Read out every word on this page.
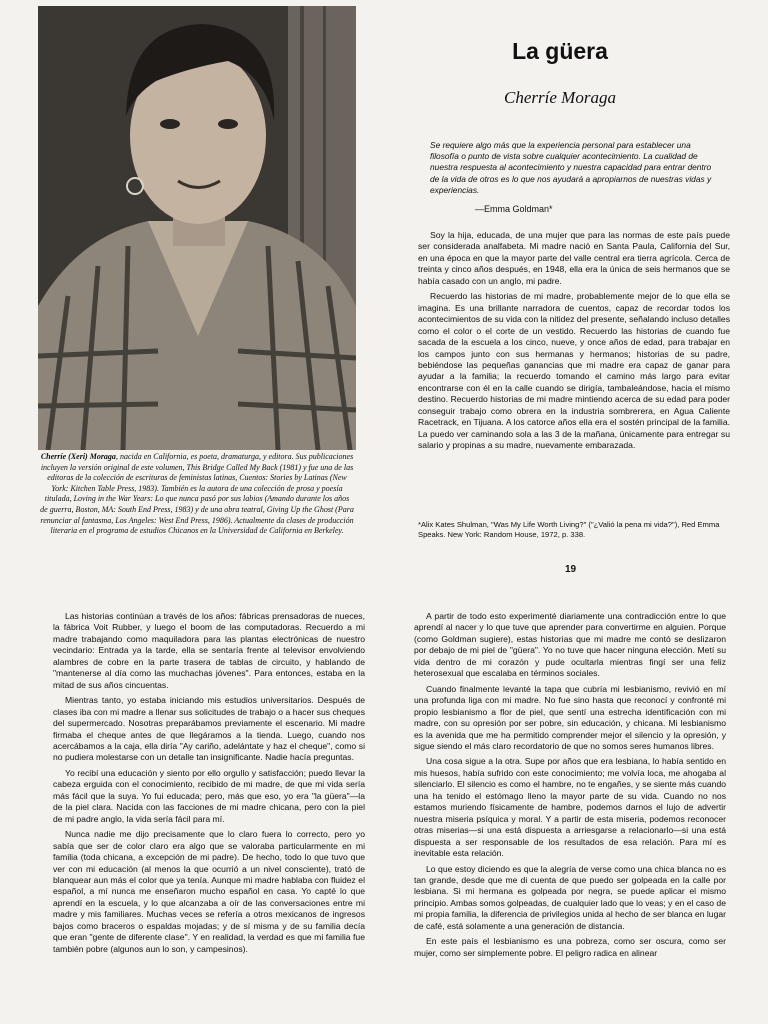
Cherríe (Xeri) Moraga, nacida en California, es poeta, dramaturga, y editora. Sus publicaciones incluyen la versión original de este volumen, This Bridge Called My Back (1981) y fue una de las editoras de la colección de escrituras de feministas latinas, Cuentos: Stories by Latinas (New York: Kitchen Table Press, 1983). También es la autora de una colección de prosa y poesía titulada, Loving in the War Years: Lo que nunca pasó por sus labios (Amando durante los años de guerra, Boston, MA: South End Press, 1983) y de una obra teatral, Giving Up the Ghost (Para renunciar al fantasma, Los Angeles: West End Press, 1986). Actualmente da clases de producción literaria en el programa de estudios Chicanos en la Universidad de California en Berkeley.
La güera
Cherríe Moraga
Se requiere algo más que la experiencia personal para establecer una filosofía o punto de vista sobre cualquier acontecimiento. La cualidad de nuestra respuesta al acontecimiento y nuestra capacidad para entrar dentro de la vida de otros es lo que nos ayudará a apropiarnos de nuestras vidas y experiencias.
—Emma Goldman*

Soy la hija, educada, de una mujer que para las normas de este país puede ser considerada analfabeta. Mi madre nació en Santa Paula, California del Sur, en una época en que la mayor parte del valle central era tierra agrícola. Cerca de treinta y cinco años después, en 1948, ella era la única de seis hermanos que se había casado con un anglo, mi padre.

Recuerdo las historias de mi madre, probablemente mejor de lo que ella se imagina. Es una brillante narradora de cuentos, capaz de recordar todos los acontecimientos de su vida con la nitidez del presente, señalando incluso detalles como el color o el corte de un vestido. Recuerdo las historias de cuando fue sacada de la escuela a los cinco, nueve, y once años de edad, para trabajar en los campos junto con sus hermanas y hermanos; historias de su padre, bebiéndose las pequeñas ganancias que mi madre era capaz de ganar para ayudar a la familia; la recuerdo tomando el camino más largo para evitar encontrarse con él en la calle cuando se dirigía, tambaleándose, hacia el mismo destino. Recuerdo historias de mi madre mintiendo acerca de su edad para poder conseguir trabajo como obrera en la industria sombrerera, en Agua Caliente Racetrack, en Tijuana. A los catorce años ella era el sostén principal de la familia. La puedo ver caminando sola a las 3 de la mañana, únicamente para entregar su salario y propinas a su madre, nuevamente embarazada.

*Alix Kates Shulman, "Was My Life Worth Living?" ("¿Valió la pena mi vida?"), Red Emma Speaks. New York: Random House, 1972, p. 338.
19

Las historias continúan a través de los años: fábricas prensadoras de nueces, la fábrica Voit Rubber, y luego el boom de las computadoras. Recuerdo a mi madre trabajando como maquiladora para las plantas electrónicas de nuestro vecindario: Entrada ya la tarde, ella se sentaría frente al televisor envolviendo alambres de cobre en la parte trasera de tablas de circuito, y hablando de "mantenerse al día como las muchachas jóvenes". Para entonces, estaba en la mitad de sus años cincuentas.

Mientras tanto, yo estaba iniciando mis estudios universitarios. Después de clases iba con mi madre a llenar sus solicitudes de trabajo o a hacer sus cheques del supermercado. Nosotras preparábamos previamente el escenario. Mi madre firmaba el cheque antes de que llegáramos a la tienda. Luego, cuando nos acercábamos a la caja, ella diría "Ay cariño, adelántate y haz el cheque", como si no pudiera molestarse con un detalle tan insignificante. Nadie hacía preguntas.

Yo recibí una educación y siento por ello orgullo y satisfacción; puedo llevar la cabeza erguida con el conocimiento, recibido de mi madre, de que mi vida sería más fácil que la suya. Yo fui educada; pero, más que eso, yo era "la güera"—la de la piel clara. Nacida con las facciones de mi madre chicana, pero con la piel de mi padre anglo, la vida sería fácil para mí.

Nunca nadie me dijo precisamente que lo claro fuera lo correcto, pero yo sabía que ser de color claro era algo que se valoraba particularmente en mi familia (toda chicana, a excepción de mi padre). De hecho, todo lo que tuvo que ver con mi educación (al menos la que ocurrió a un nivel consciente), trató de blanquear aun más el color que ya tenía. Aunque mi madre hablaba con fluidez el español, a mí nunca me enseñaron mucho español en casa. Yo capté lo que aprendí en la escuela, y lo que alcanzaba a oír de las conversaciones entre mi madre y mis familiares. Muchas veces se refería a otros mexicanos de ingresos bajos como braceros o espaldas mojadas; y de sí misma y de su familia decía que eran "gente de diferente clase". Y en realidad, la verdad es que mi familia fue también pobre (algunos aun lo son, y campesinos).

A partir de todo esto experimenté diariamente una contradicción entre lo que aprendí al nacer y lo que tuve que aprender para convertirme en alguien. Porque (como Goldman sugiere), estas historias que mi madre me contó se deslizaron por debajo de mi piel de "güera". Yo no tuve que hacer ninguna elección. Metí su vida dentro de mi corazón y pude ocultarla mientras fingí ser una feliz heterosexual que escalaba en términos sociales.

Cuando finalmente levanté la tapa que cubría mi lesbianismo, revivió en mí una profunda liga con mi madre. No fue sino hasta que reconocí y confronté mi propio lesbianismo a flor de piel, que sentí una estrecha identificación con mi madre, con su opresión por ser pobre, sin educación, y chicana. Mi lesbianismo es la avenida que me ha permitido comprender mejor el silencio y la opresión, y sigue siendo el más claro recordatorio de que no somos seres humanos libres.

Una cosa sigue a la otra. Supe por años que era lesbiana, lo había sentido en mis huesos, había sufrido con este conocimiento; me volvía loca, me ahogaba al silenciarlo. El silencio es como el hambre, no te engañes, y se siente más cuando una ha tenido el estómago lleno la mayor parte de su vida. Cuando no nos estamos muriendo físicamente de hambre, podemos darnos el lujo de advertir nuestra miseria psíquica y moral. Y a partir de esta miseria, podemos reconocer otras miserias—si una está dispuesta a arriesgarse a relacionarlo—si una está dispuesta a ser responsable de los resultados de esa relación. Para mí es inevitable esta relación.

Lo que estoy diciendo es que la alegría de verse como una chica blanca no es tan grande, desde que me di cuenta de que puedo ser golpeada en la calle por lesbiana. Si mi hermana es golpeada por negra, se puede aplicar el mismo principio. Ambas somos golpeadas, de cualquier lado que lo veas; y en el caso de mi propia familia, la diferencia de privilegios unida al hecho de ser blanca en lugar de café, está solamente a una generación de distancia.

En este país el lesbianismo es una pobreza, como ser oscura, como ser mujer, como ser simplemente pobre. El peligro radica en alinear
